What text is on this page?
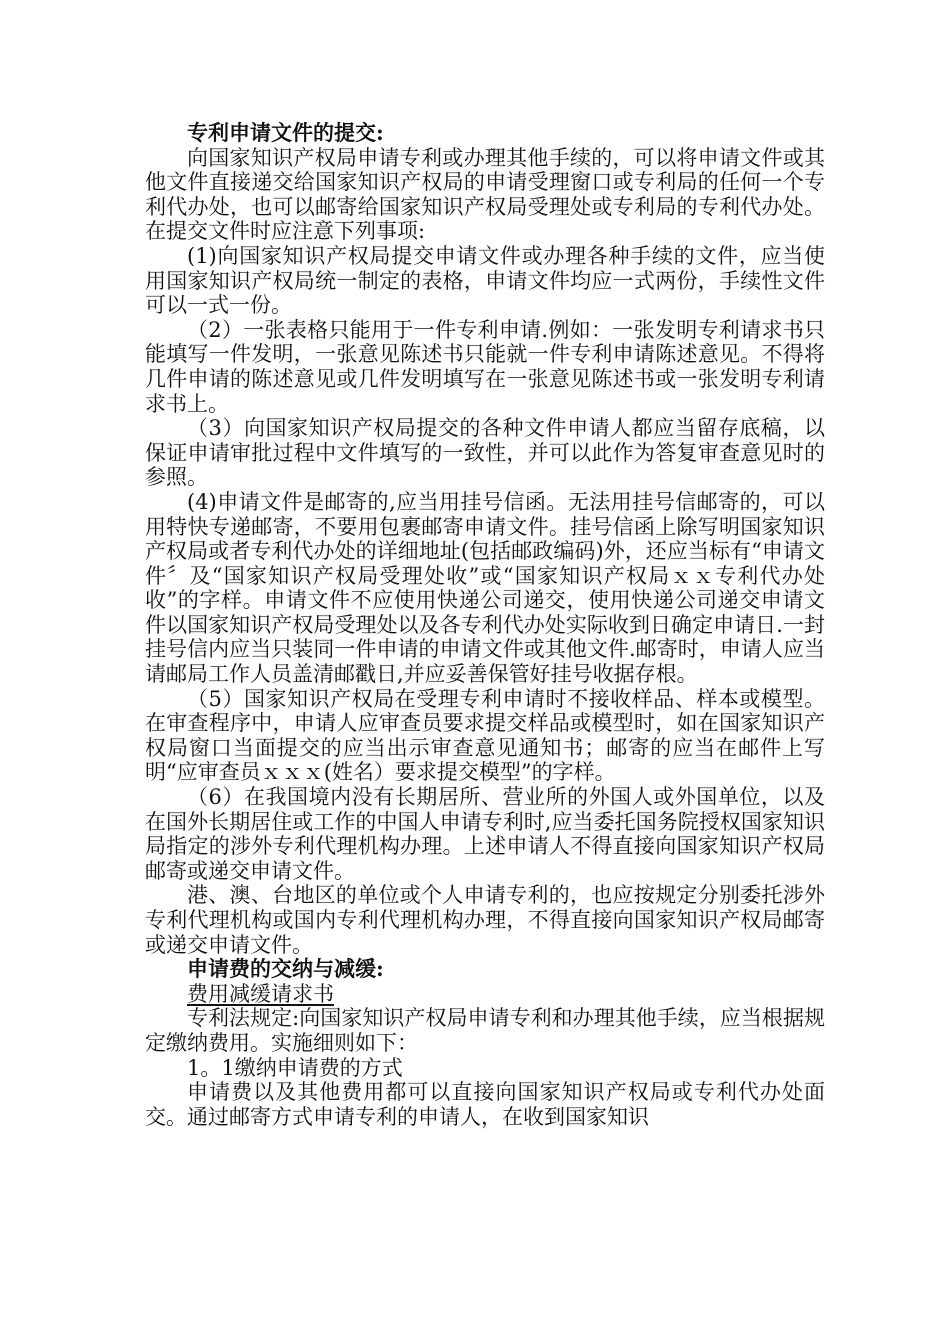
专利申请文件的提交:

向国家知识产权局申请专利或办理其他手续的，可以将申请文件或其他文件直接递交给国家知识产权局的申请受理窗口或专利局的任何一个专利代办处，也可以邮寄给国家知识产权局受理处或专利局的专利代办处。在提交文件时应注意下列事项:

(1)向国家知识产权局提交申请文件或办理各种手续的文件，应当使用国家知识产权局统一制定的表格，申请文件均应一式两份，手续性文件可以一式一份。

（2）一张表格只能用于一件专利申请.例如：一张发明专利请求书只能填写一件发明，一张意见陈述书只能就一件专利申请陈述意见。不得将几件申请的陈述意见或几件发明填写在一张意见陈述书或一张发明专利请求书上。

（3）向国家知识产权局提交的各种文件申请人都应当留存底稿，以保证申请审批过程中文件填写的一致性，并可以此作为答复审查意见时的参照。

(4)申请文件是邮寄的,应当用挂号信函。无法用挂号信邮寄的，可以用特快专递邮寄，不要用包裹邮寄申请文件。挂号信函上除写明国家知识产权局或者专利代办处的详细地址(包括邮政编码)外，还应当标有“申请文件〞及“国家知识产权局受理处收”或“国家知识产权局ｘｘ专利代办处收”的字样。申请文件不应使用快递公司递交，使用快递公司递交申请文件以国家知识产权局受理处以及各专利代办处实际收到日确定申请日.一封挂号信内应当只装同一件申请的申请文件或其他文件.邮寄时，申请人应当请邮局工作人员盖清邮戳日,并应妥善保管好挂号收据存根。

（5）国家知识产权局在受理专利申请时不接收样品、样本或模型。在审查程序中，申请人应审查员要求提交样品或模型时，如在国家知识产权局窗口当面提交的应当出示审查意见通知书；邮寄的应当在邮件上写明“应审查员ｘｘｘ(姓名）要求提交模型”的字样。

（6）在我国境内没有长期居所、营业所的外国人或外国单位，以及在国外长期居住或工作的中国人申请专利时,应当委托国务院授权国家知识局指定的涉外专利代理机构办理。上述申请人不得直接向国家知识产权局邮寄或递交申请文件。

港、澳、台地区的单位或个人申请专利的，也应按规定分别委托涉外专利代理机构或国内专利代理机构办理，不得直接向国家知识产权局邮寄或递交申请文件。

申请费的交纳与减缓:

费用减缓请求书

专利法规定:向国家知识产权局申请专利和办理其他手续，应当根据规定缴纳费用。实施细则如下：

1。1缴纳申请费的方式

申请费以及其他费用都可以直接向国家知识产权局或专利代办处面交。通过邮寄方式申请专利的申请人，在收到国家知识
